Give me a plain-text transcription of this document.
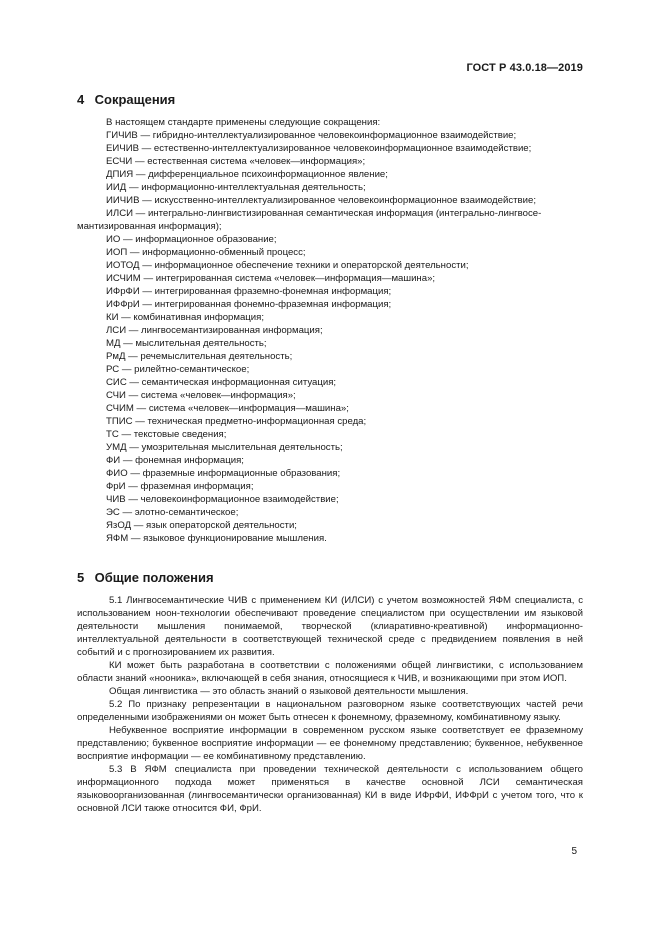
ГОСТ Р 43.0.18—2019
4 Сокращения

В настоящем стандарте применены следующие сокращения:

ГИЧИВ — гибридно-интеллектуализированное человекоинформационное взаимодействие;

ЕИЧИВ — естественно-интеллектуализированное человекоинформационное взаимодействие;

ЕСЧИ — естественная система «человек—информация»;

ДПИЯ — дифференциальное психоинформационное явление;

ИИД — информационно-интеллектуальная деятельность;

ИИЧИВ — искусственно-интеллектуализированное человекоинформационное взаимодействие;

ИЛСИ — интегрально-лингвистизированная семантическая информация (интегрально-лингвосе-

мантизированная информация);

ИО — информационное образование;

ИОП — информационно-обменный процесс;

ИОТОД — информационное обеспечение техники и операторской деятельности;

ИСЧИМ — интегрированная система «человек—информация—машина»;

ИФрФИ — интегрированная фраземно-фонемная информация;

ИФФрИ — интегрированная фонемно-фраземная информация;

КИ — комбинативная информация;

ЛСИ — лингвосемантизированная информация;

МД — мыслительная деятельность;

РмД — речемыслительная деятельность;

РС — рилейтно-семантическое;

СИС — семантическая информационная ситуация;

СЧИ — система «человек—информация»;

СЧИМ — система «человек—информация—машина»;

ТПИС — техническая предметно-информационная среда;

ТС — текстовые сведения;

УМД — умозрительная мыслительная деятельность;

ФИ — фонемная информация;

ФИО — фраземные информационные образования;

ФрИ — фраземная информация;

ЧИВ — человекоинформационное взаимодействие;

ЭС — элотно-семантическое;

ЯзОД — язык операторской деятельности;

ЯФМ — языковое функционирование мышления.

5 Общие положения

5.1 Лингвосемантические ЧИВ с применением КИ (ИЛСИ) с учетом возможностей ЯФМ специалиста, с использованием ноон-технологии обеспечивают проведение специалистом при осуществлении им языковой деятельности мышления понимаемой, творческой (клиаративно-креативной) информационно-интеллектуальной деятельности в соответствующей технической среде с предвидением появления в ней событий и с прогнозированием их развития.

КИ может быть разработана в соответствии с положениями общей лингвистики, с использованием области знаний «нооника», включающей в себя знания, относящиеся к ЧИВ, и возникающими при этом ИОП.

Общая лингвистика — это область знаний о языковой деятельности мышления.

5.2 По признаку репрезентации в национальном разговорном языке соответствующих частей речи определенными изображениями он может быть отнесен к фонемному, фраземному, комбинативному языку.

Небуквенное восприятие информации в современном русском языке соответствует ее фраземному представлению; буквенное восприятие информации — ее фонемному представлению; буквенное, небуквенное восприятие информации — ее комбинативному представлению.

5.3 В ЯФМ специалиста при проведении технической деятельности с использованием общего информационного подхода может применяться в качестве основной ЛСИ семантическая языковоорганизованная (лингвосемантически организованная) КИ в виде ИФрФИ, ИФФрИ с учетом того, что к основной ЛСИ также относится ФИ, ФрИ.

5
